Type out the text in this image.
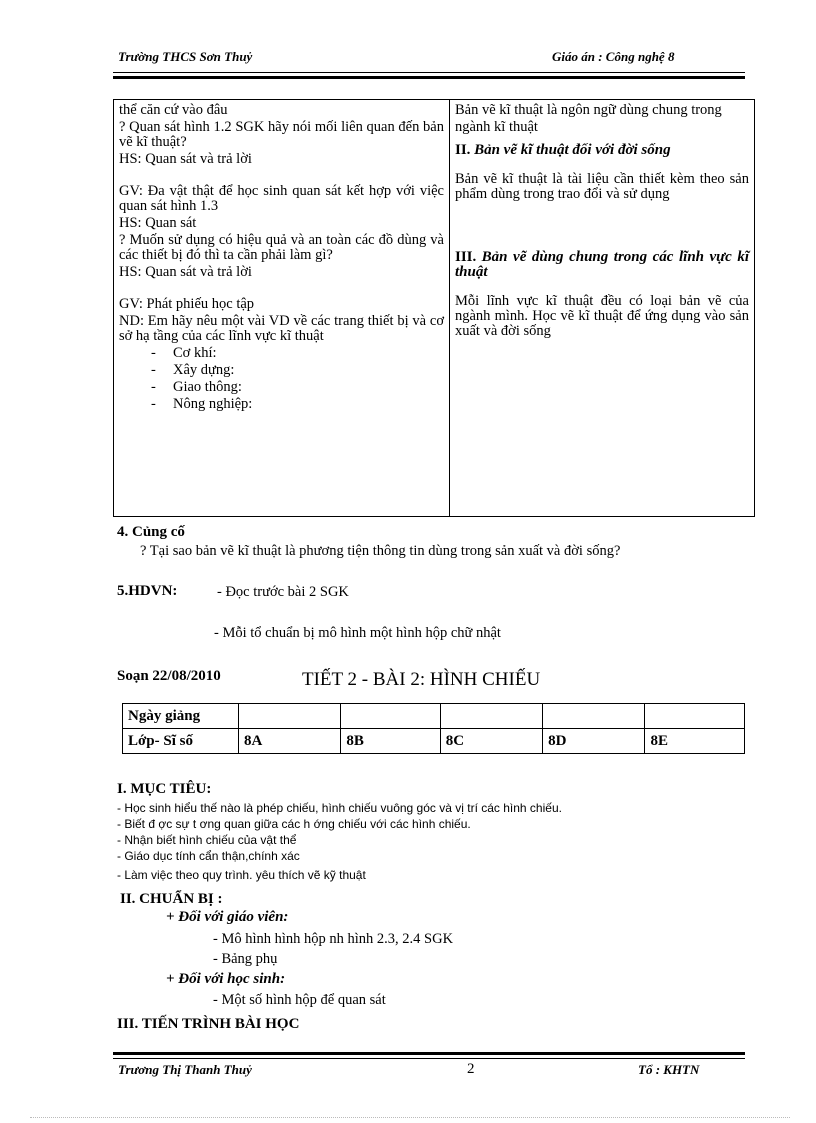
Trường THCS Sơn Thuỷ	Giáo án : Công nghệ 8

thể căn cứ vào đâu

? Quan sát hình 1.2 SGK hãy nói mối liên quan đến bản vẽ kĩ thuật?

HS: Quan sát và trả lời

GV: Đa vật thật để học sinh quan sát kết hợp với việc quan sát hình 1.3

HS: Quan sát

? Muốn sử dụng có hiệu quả và an toàn các đồ dùng và các thiết bị đó thì ta cần phải làm gì?

HS: Quan sát và trả lời

GV: Phát phiếu học tập

ND: Em hãy nêu một vài VD về các trang thiết bị và cơ sở hạ tầng của các lĩnh vực kĩ thuật

- Cơ khí:

- Xây dựng:

- Giao thông:

- Nông nghiệp:

Bản vẽ kĩ thuật là ngôn ngữ dùng chung trong

ngành kĩ thuật

II. Bản vẽ kĩ thuật đối với đời sống

Bản vẽ kĩ thuật là tài liệu cần thiết kèm theo sản phẩm dùng trong trao đổi và sử dụng

III. Bản vẽ dùng chung trong các lĩnh vực kĩ thuật

Mỗi lĩnh vực kĩ thuật đều có loại bản vẽ của ngành mình. Học vẽ kĩ thuật để ứng dụng vào sản xuất và đời sống

4. Củng cố
? Tại sao bản vẽ kĩ thuật là phương tiện thông tin dùng trong sản xuất và đời sống?
5.HDVN:	- Đọc trước bài 2 SGK
- Mỗi tổ chuẩn bị mô hình một hình hộp chữ nhật
Soạn 22/08/2010	TIẾT 2 - BÀI 2: HÌNH CHIẾU
Ngày giảng					
Lớp- Sĩ số	8A	8B	8C	8D	8E
I. MỤC TIÊU:
- Học sinh hiểu thế nào là phép chiếu, hình chiếu vuông góc và vị trí các hình chiếu.
- Biết đ ợc sự t ơng quan giữa các h ớng chiếu với các hình chiếu.
- Nhận biết hình chiếu của vật thể
- Giáo dục tính cẩn thận,chính xác
- Làm việc theo quy trình. yêu thích vẽ kỹ thuật
II. CHUẨN BỊ :
+ Đối với giáo viên:
- Mô hình hình hộp nh hình 2.3, 2.4 SGK
- Bảng phụ
+ Đối với học sinh:
- Một số hình hộp để quan sát
III. TIẾN TRÌNH BÀI HỌC
Trương Thị Thanh Thuỷ	2	Tổ : KHTN
